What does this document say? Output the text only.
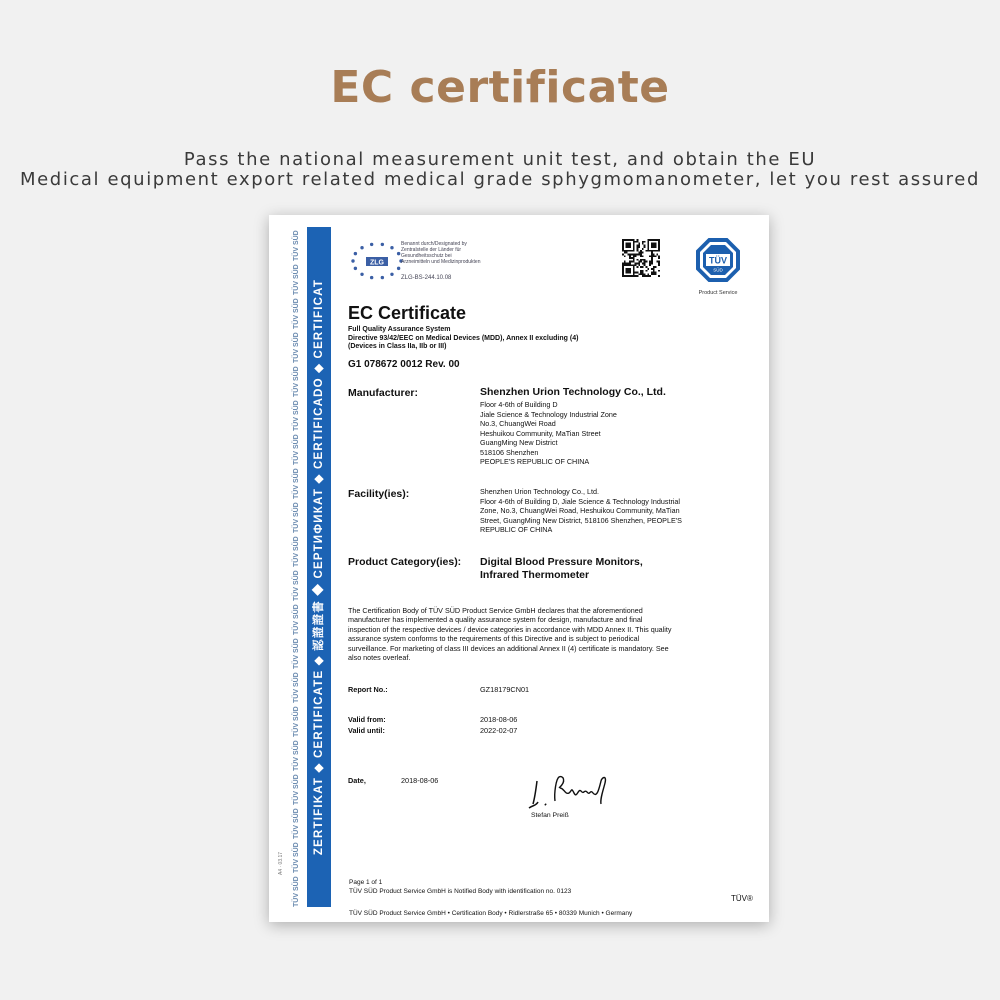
EC certificate
Pass the national measurement unit test, and obtain the EU
Medical equipment export related medical grade sphygmomanometer, let you rest assured
TÜV SÜD
TÜV SÜD
TÜV SÜD
TÜV SÜD
TÜV SÜD
TÜV SÜD
TÜV SÜD
TÜV SÜD
TÜV SÜD
TÜV SÜD
TÜV SÜD
TÜV SÜD
TÜV SÜD
TÜV SÜD
TÜV SÜD
TÜV SÜD
TÜV SÜD
TÜV SÜD
TÜV SÜD
TÜV SÜD
ZERTIFIKAT ◆ CERTIFICATE ◆ 認證證書 ◆ СЕРТИФИКАТ ◆ CERTIFICADO ◆ CERTIFICAT
A4 · 03.17
ZLG
Benannt durch/Designated by Zentralstelle der Länder für Gesundheitsschutz bei Arzneimitteln und Medizinprodukten
ZLG-BS-244.10.08
TÜV
SÜD
Product Service
EC Certificate
Full Quality Assurance System
Directive 93/42/EEC on Medical Devices (MDD), Annex II excluding (4)
(Devices in Class IIa, IIb or III)
G1 078672 0012 Rev. 00
Manufacturer:	Shenzhen Urion Technology Co., Ltd.
Floor 4-6th of Building D
Jiale Science & Technology Industrial Zone
No.3, ChuangWei Road
Heshuikou Community, MaTian Street
GuangMing New District
518106 Shenzhen
PEOPLE'S REPUBLIC OF CHINA
Facility(ies):	Shenzhen Urion Technology Co., Ltd.
Floor 4-6th of Building D, Jiale Science & Technology Industrial
Zone, No.3, ChuangWei Road, Heshuikou Community, MaTian
Street, GuangMing New District, 518106 Shenzhen, PEOPLE'S
REPUBLIC OF CHINA
Product Category(ies): Digital Blood Pressure Monitors,
Infrared Thermometer
The Certification Body of TÜV SÜD Product Service GmbH declares that the aforementioned
manufacturer has implemented a quality assurance system for design, manufacture and final
inspection of the respective devices / device categories in accordance with MDD Annex II. This quality
assurance system conforms to the requirements of this Directive and is subject to periodical
surveillance. For marketing of class III devices an additional Annex II (4) certificate is mandatory. See
also notes overleaf.
Report No.:	GZ18179CN01
Valid from:	2018-08-06
Valid until:	2022-02-07
Date,	2018-08-06
Stefan Preiß
Page 1 of 1
TÜV SÜD Product Service GmbH is Notified Body with identification no. 0123
TÜV®
TÜV SÜD Product Service GmbH • Certification Body • Ridlerstraße 65 • 80339 Munich • Germany
